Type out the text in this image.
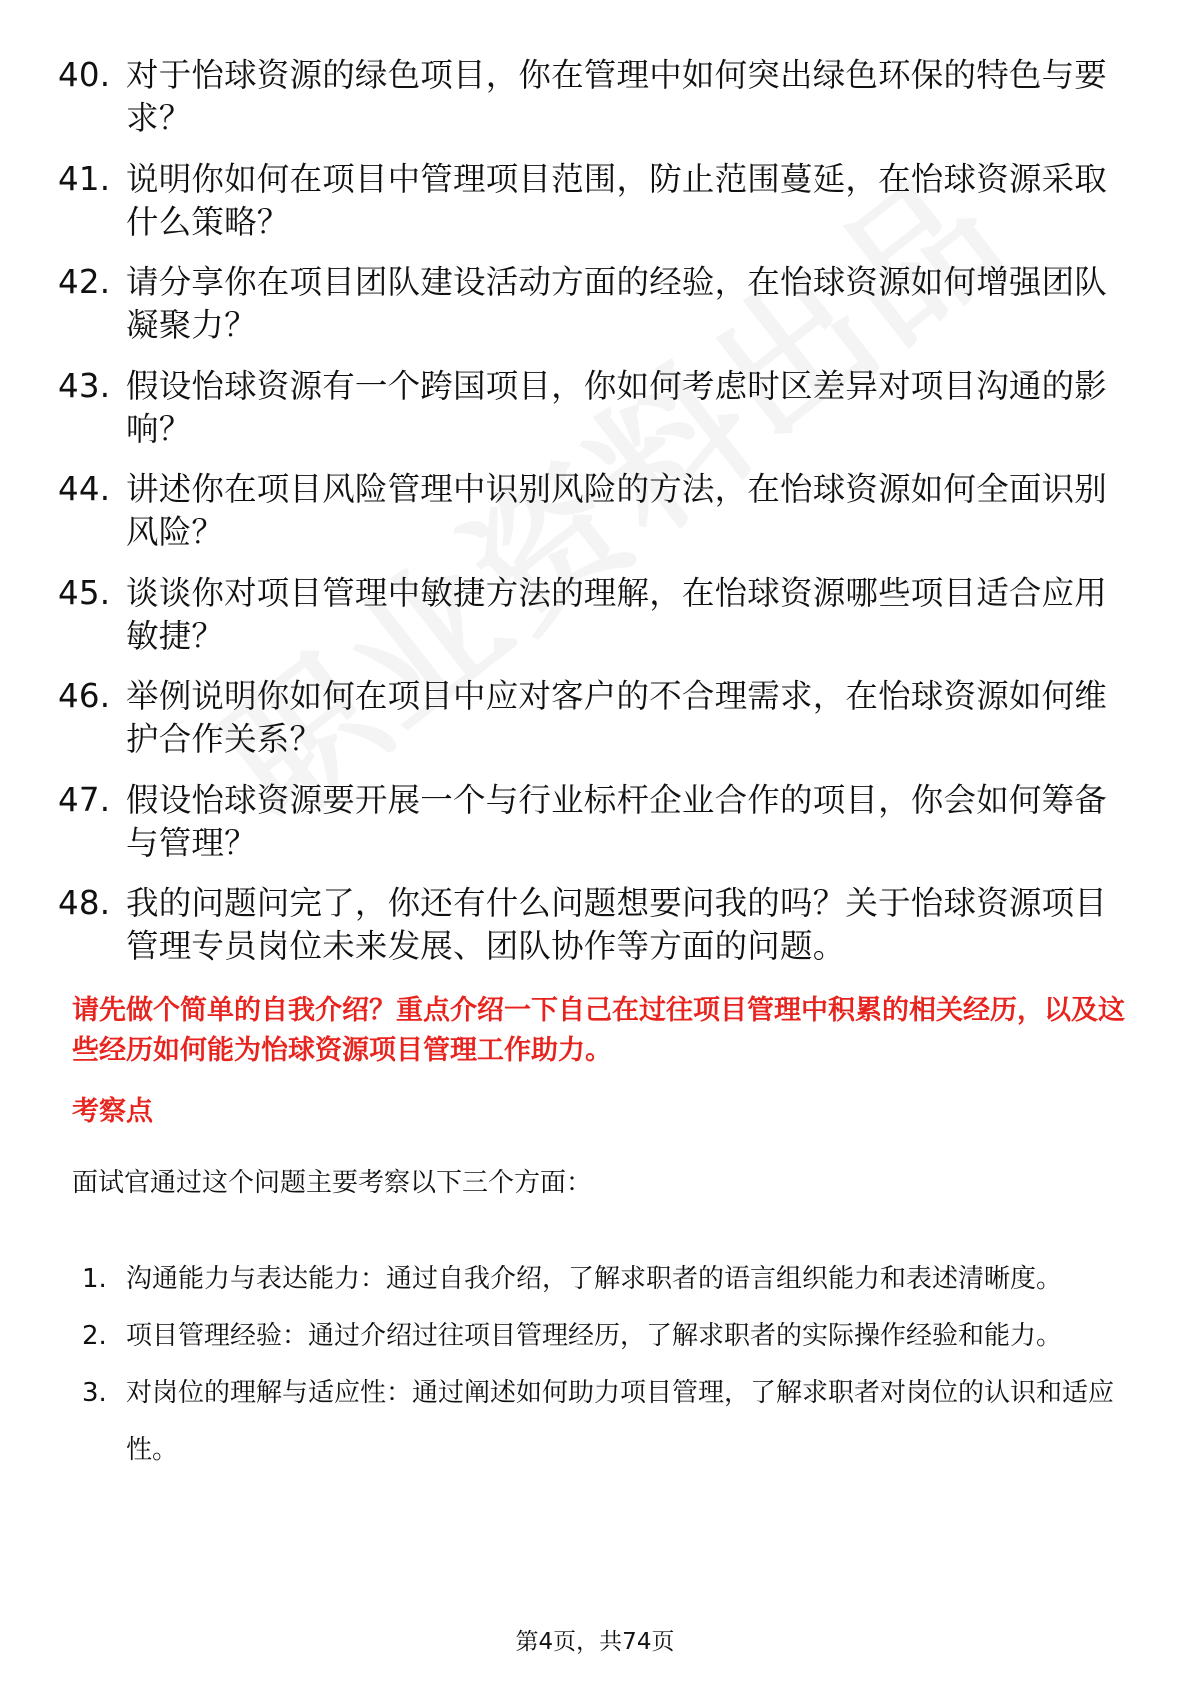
40. 对于怡球资源的绿色项目，你在管理中如何突出绿色环保的特色与要求？
41. 说明你如何在项目中管理项目范围，防止范围蔓延，在怡球资源采取什么策略？
42. 请分享你在项目团队建设活动方面的经验，在怡球资源如何增强团队凝聚力？
43. 假设怡球资源有一个跨国项目，你如何考虑时区差异对项目沟通的影响？
44. 讲述你在项目风险管理中识别风险的方法，在怡球资源如何全面识别风险？
45. 谈谈你对项目管理中敏捷方法的理解，在怡球资源哪些项目适合应用敏捷？
46. 举例说明你如何在项目中应对客户的不合理需求，在怡球资源如何维护合作关系？
47. 假设怡球资源要开展一个与行业标杆企业合作的项目，你会如何筹备与管理？
48. 我的问题问完了，你还有什么问题想要问我的吗？关于怡球资源项目管理专员岗位未来发展、团队协作等方面的问题。
请先做个简单的自我介绍？重点介绍一下自己在过往项目管理中积累的相关经历，以及这些经历如何能为怡球资源项目管理工作助力。
考察点
面试官通过这个问题主要考察以下三个方面：
1. 沟通能力与表达能力：通过自我介绍，了解求职者的语言组织能力和表述清晰度。
2. 项目管理经验：通过介绍过往项目管理经历，了解求职者的实际操作经验和能力。
3. 对岗位的理解与适应性：通过阐述如何助力项目管理，了解求职者对岗位的认识和适应性。
第4页，共74页
